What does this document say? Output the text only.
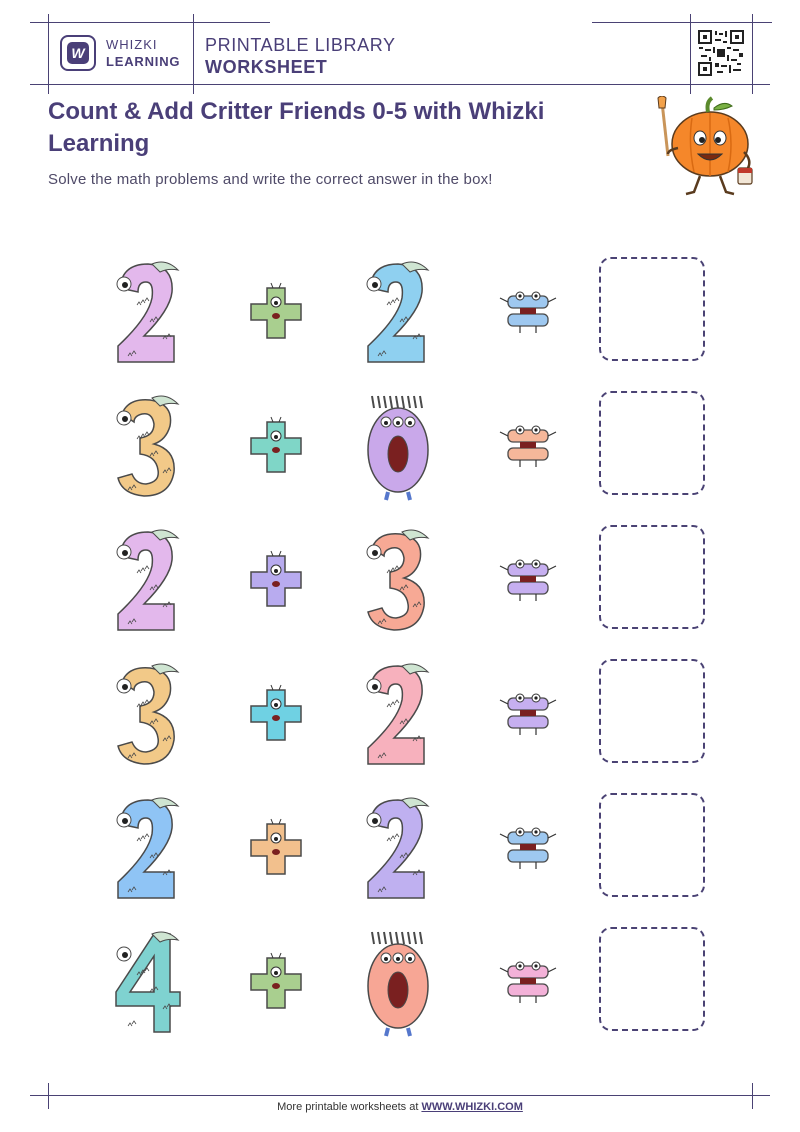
W
WHIZKI
LEARNING
PRINTABLE LIBRARY
WORKSHEET
Count & Add Critter Friends 0-5 with Whizki Learning
Solve the math problems and write the correct answer in the box!
More printable worksheets at WWW.WHIZKI.COM
